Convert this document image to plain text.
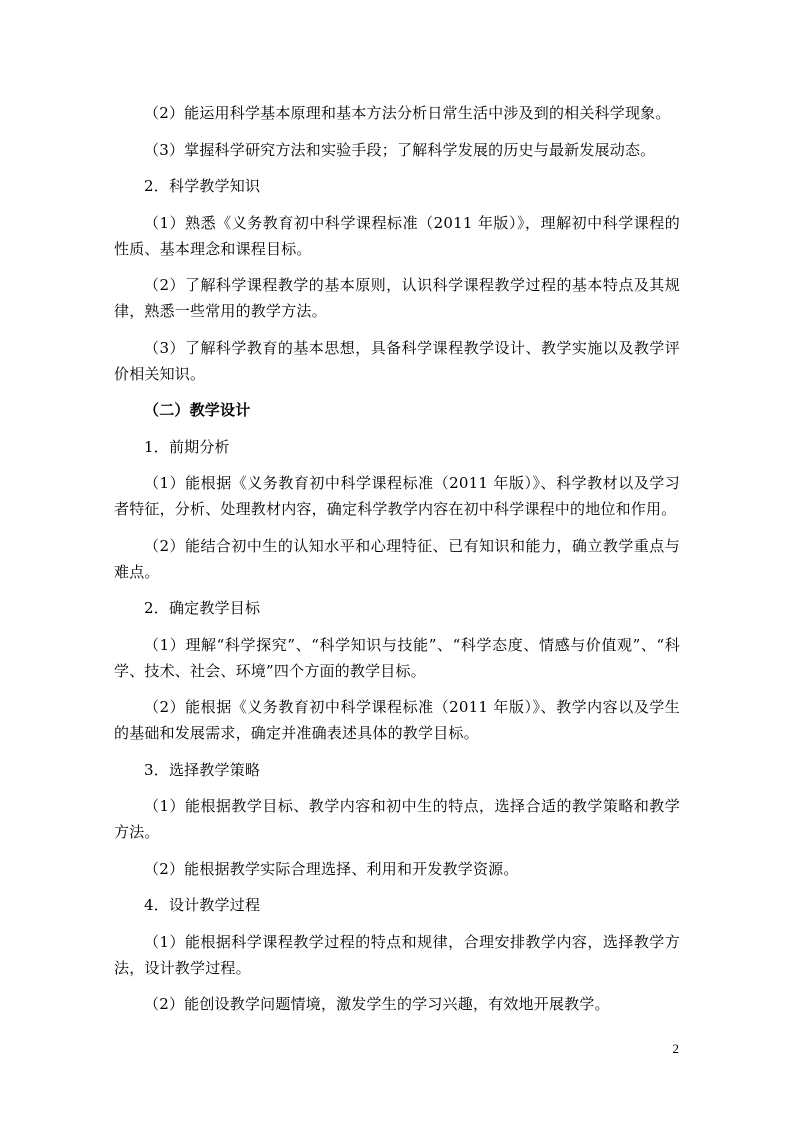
（2）能运用科学基本原理和基本方法分析日常生活中涉及到的相关科学现象。

（3）掌握科学研究方法和实验手段；了解科学发展的历史与最新发展动态。

2．科学教学知识

（1）熟悉《义务教育初中科学课程标准（2011 年版）》，理解初中科学课程的性质、基本理念和课程目标。

（2）了解科学课程教学的基本原则，认识科学课程教学过程的基本特点及其规律，熟悉一些常用的教学方法。

（3）了解科学教育的基本思想，具备科学课程教学设计、教学实施以及教学评价相关知识。

（二）教学设计

1．前期分析

（1）能根据《义务教育初中科学课程标准（2011 年版）》、科学教材以及学习者特征，分析、处理教材内容，确定科学教学内容在初中科学课程中的地位和作用。

（2）能结合初中生的认知水平和心理特征、已有知识和能力，确立教学重点与难点。

2．确定教学目标

（1）理解“科学探究”、“科学知识与技能”、“科学态度、情感与价值观”、“科学、技术、社会、环境”四个方面的教学目标。

（2）能根据《义务教育初中科学课程标准（2011 年版）》、教学内容以及学生的基础和发展需求，确定并准确表述具体的教学目标。

3．选择教学策略

（1）能根据教学目标、教学内容和初中生的特点，选择合适的教学策略和教学方法。

（2）能根据教学实际合理选择、利用和开发教学资源。

4．设计教学过程

（1）能根据科学课程教学过程的特点和规律，合理安排教学内容，选择教学方法，设计教学过程。

（2）能创设教学问题情境，激发学生的学习兴趣，有效地开展教学。

2
